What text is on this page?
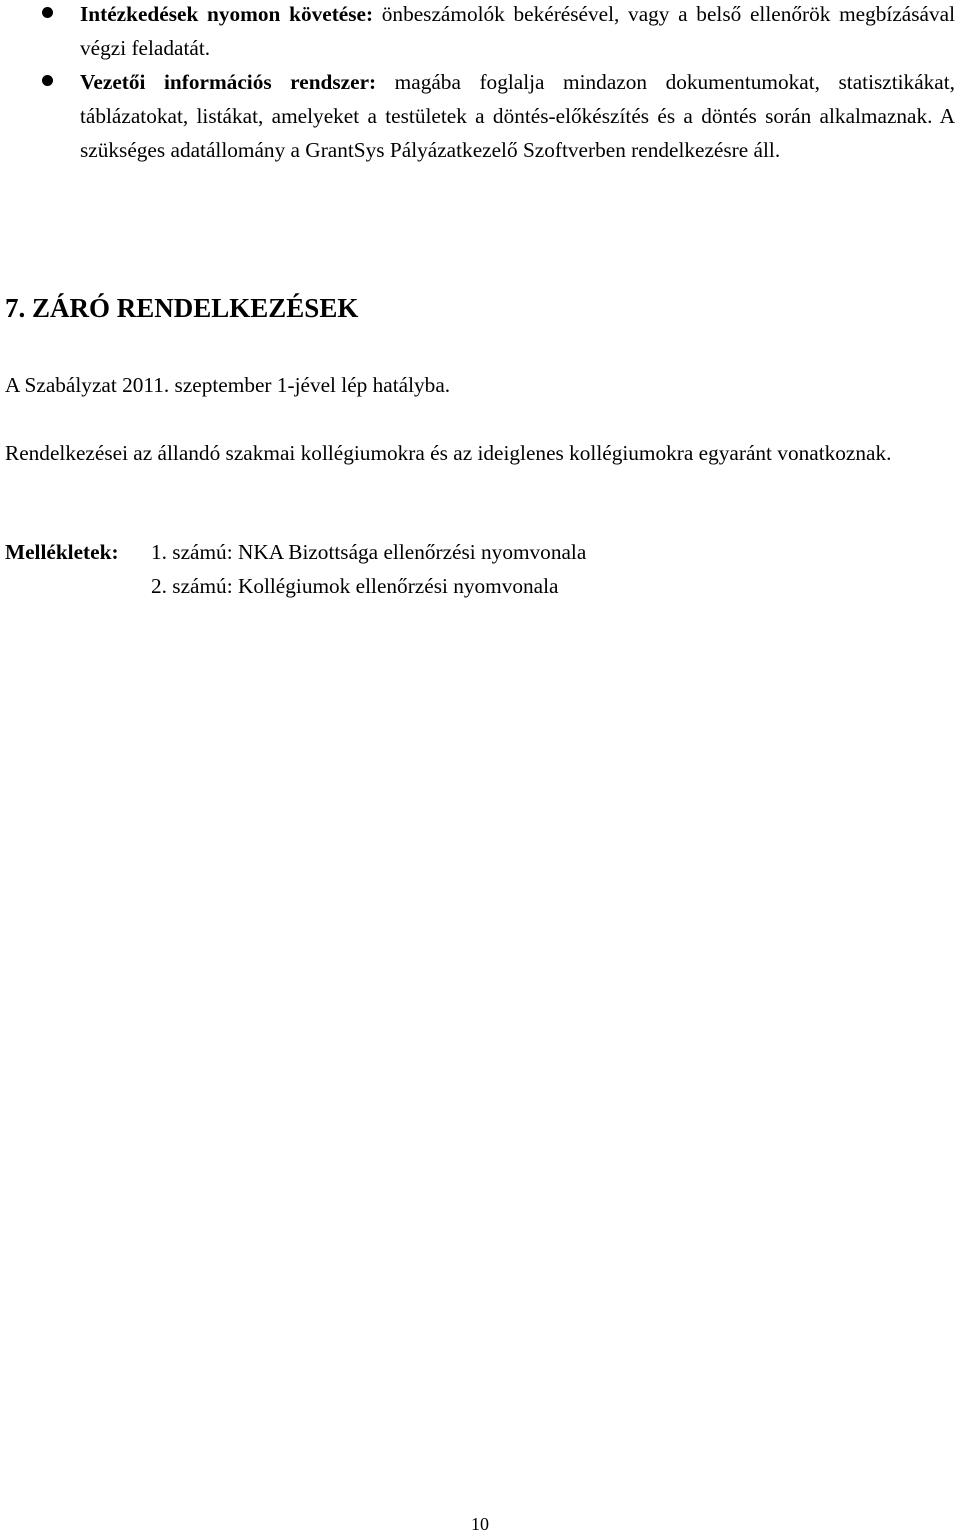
Intézkedések nyomon követése: önbeszámolók bekérésével, vagy a belső ellenőrök megbízásával végzi feladatát.
Vezetői információs rendszer: magába foglalja mindazon dokumentumokat, statisztikákat, táblázatokat, listákat, amelyeket a testületek a döntés-előkészítés és a döntés során alkalmaznak. A szükséges adatállomány a GrantSys Pályázatkezelő Szoftverben rendelkezésre áll.
7. ZÁRÓ RENDELKEZÉSEK

A Szabályzat 2011. szeptember 1-jével lép hatályba.

Rendelkezései az állandó szakmai kollégiumokra és az ideiglenes kollégiumokra egyaránt vonatkoznak.

Mellékletek: 1. számú: NKA Bizottsága ellenőrzési nyomvonala
2. számú: Kollégiumok ellenőrzési nyomvonala
10
